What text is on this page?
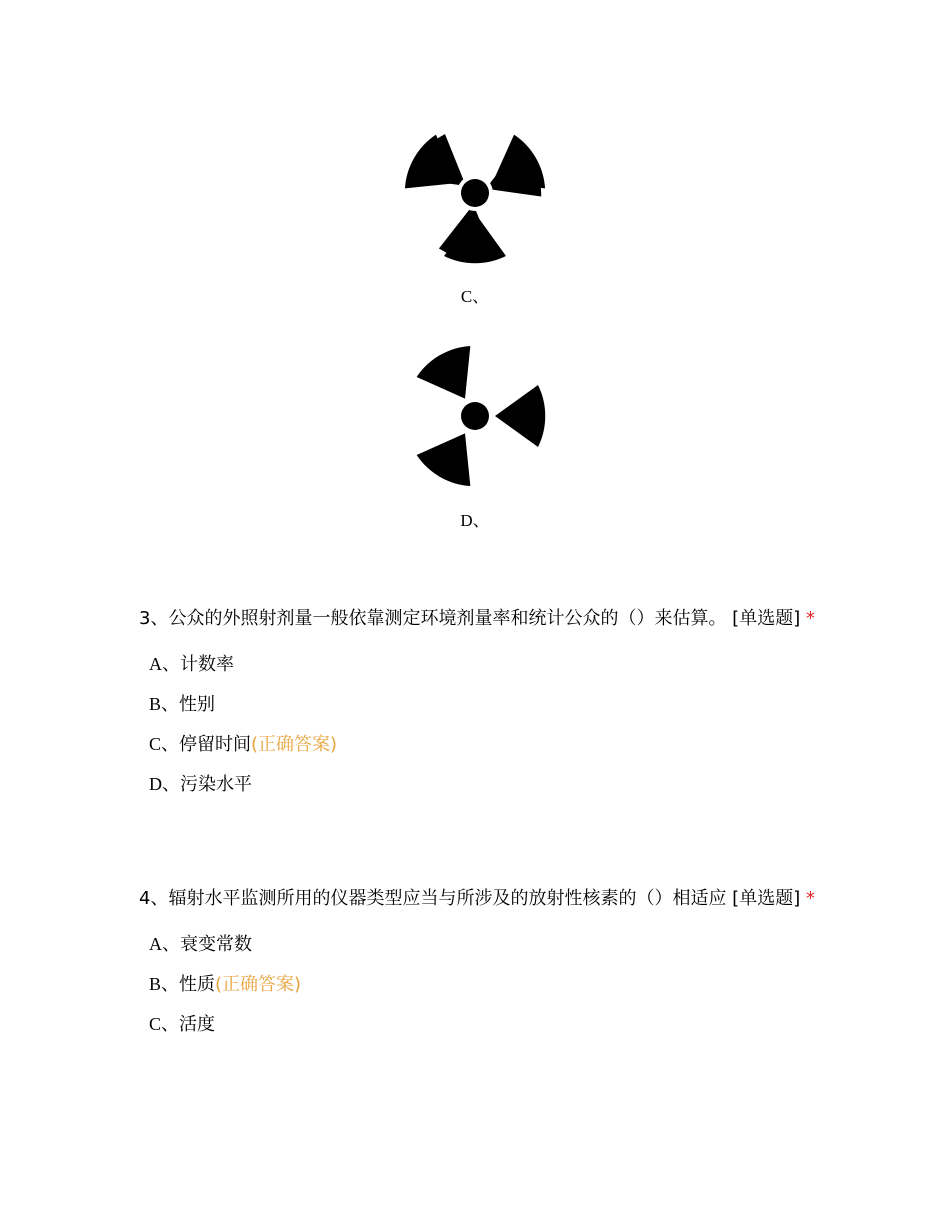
C、
D、

3、公众的外照射剂量一般依靠测定环境剂量率和统计公众的（）来估算。 [单选题] *

A、计数率
B、性别
C、停留时间(正确答案)
D、污染水平

4、辐射水平监测所用的仪器类型应当与所涉及的放射性核素的（）相适应 [单选题] *

A、衰变常数
B、性质(正确答案)
C、活度
